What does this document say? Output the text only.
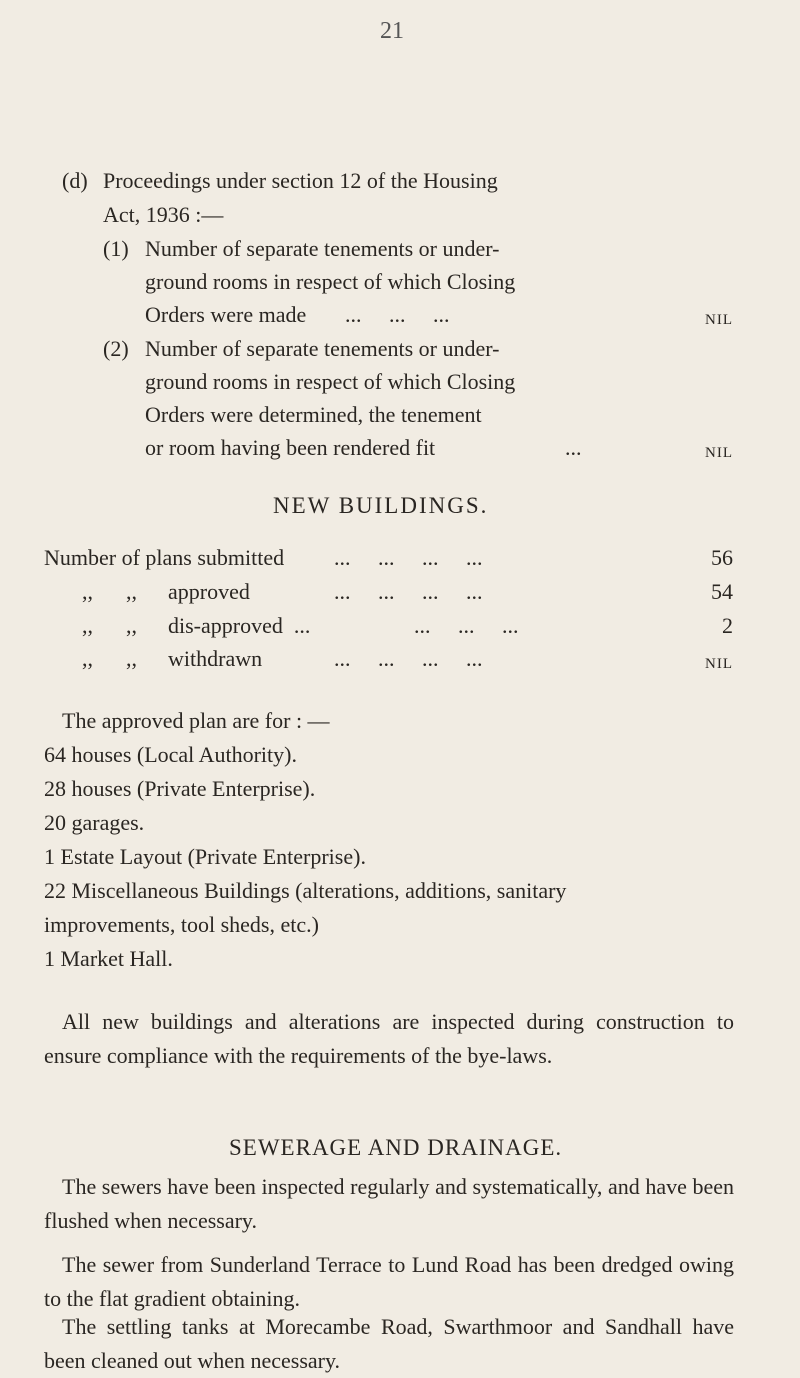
21
(d) Proceedings under section 12 of the Housing
Act, 1936 :—
(1) Number of separate tenements or under-
ground rooms in respect of which Closing
Orders were made ...     ...     ...	NIL
(2) Number of separate tenements or under-
ground rooms in respect of which Closing
Orders were determined, the tenement
or room having been rendered fit	...	NIL
NEW BUILDINGS.
Number of plans submitted ...     ...     ...     ...	56
,, ,, approved	...     ...     ...     ...	54
,, ,, dis-approved  ...	...     ...     ...	2
,, ,, withdrawn	...     ...     ...     ...	NIL
The approved plan are for : —
64 houses (Local Authority).
28 houses (Private Enterprise).
20 garages.
1 Estate Layout (Private Enterprise).
22 Miscellaneous Buildings (alterations, additions, sanitary
improvements, tool sheds, etc.)
1 Market Hall.
All new buildings and alterations are inspected during construction to ensure compliance with the requirements of the bye-laws.
SEWERAGE AND DRAINAGE.
The sewers have been inspected regularly and systematically, and have been flushed when necessary.
The sewer from Sunderland Terrace to Lund Road has been dredged owing to the flat gradient obtaining.
The settling tanks at Morecambe Road, Swarthmoor and Sandhall have been cleaned out when necessary.
